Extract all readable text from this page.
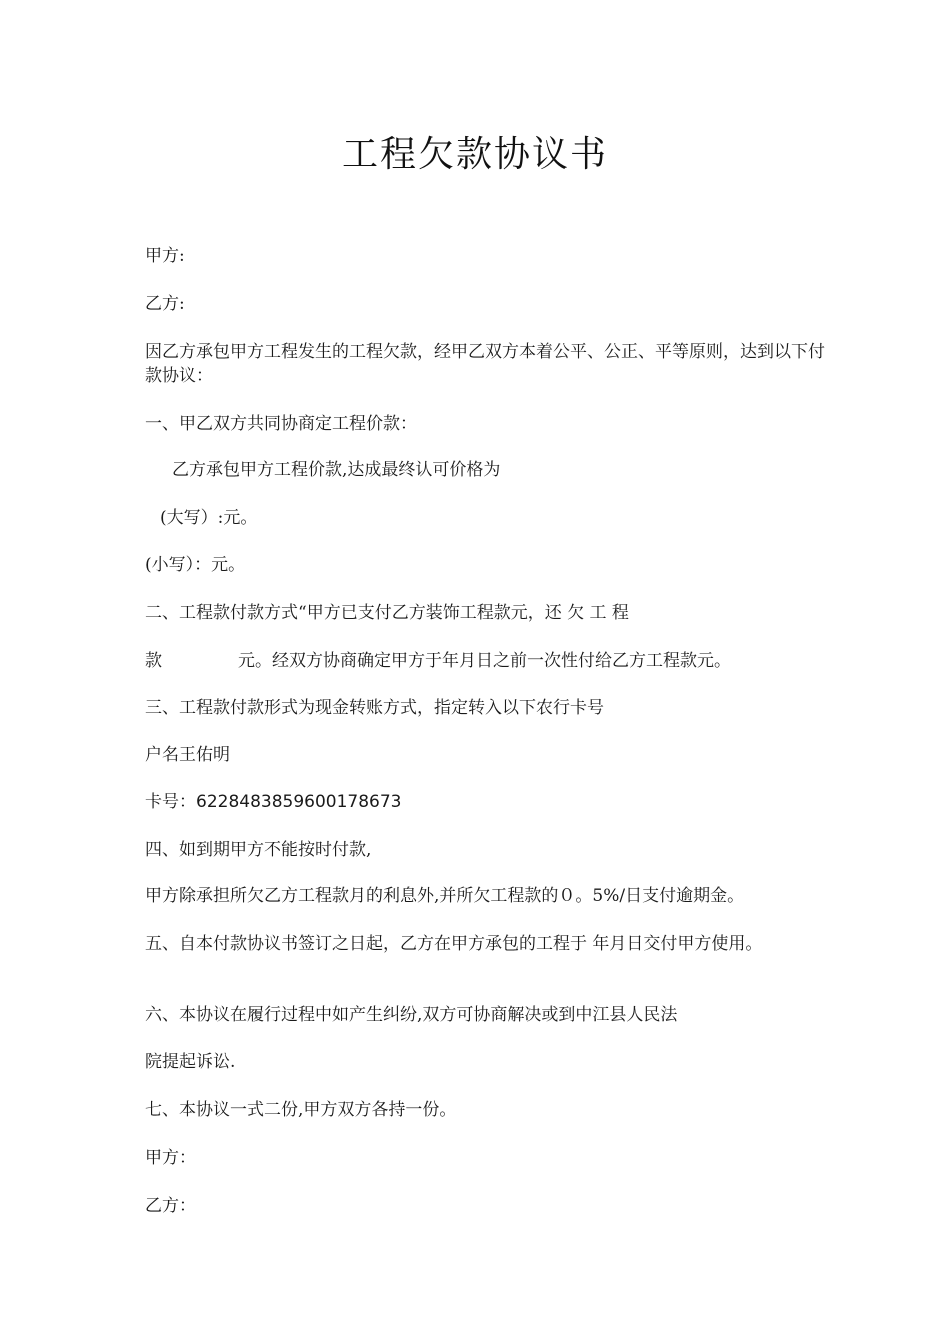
工程欠款协议书
甲方:
乙方:
因乙方承包甲方工程发生的工程欠款，经甲乙双方本着公平、公正、平等原则，达到以下付款协议：
一、甲乙双方共同协商定工程价款：
乙方承包甲方工程价款,达成最终认可价格为
(大写）:元。
(小写）：元。
二、工程款付款方式“甲方已支付乙方装饰工程款元，还 欠 工 程
款	元。经双方协商确定甲方于年月日之前一次性付给乙方工程款元。
三、工程款付款形式为现金转账方式，指定转入以下农行卡号
户名王佑明
卡号：6228483859600178673
四、如到期甲方不能按时付款,
甲方除承担所欠乙方工程款月的利息外,并所欠工程款的０。5%/日支付逾期金。
五、自本付款协议书签订之日起，乙方在甲方承包的工程于 年月日交付甲方使用。
六、本协议在履行过程中如产生纠纷,双方可协商解决或到中江县人民法
院提起诉讼.
七、本协议一式二份,甲方双方各持一份。
甲方：
乙方：
